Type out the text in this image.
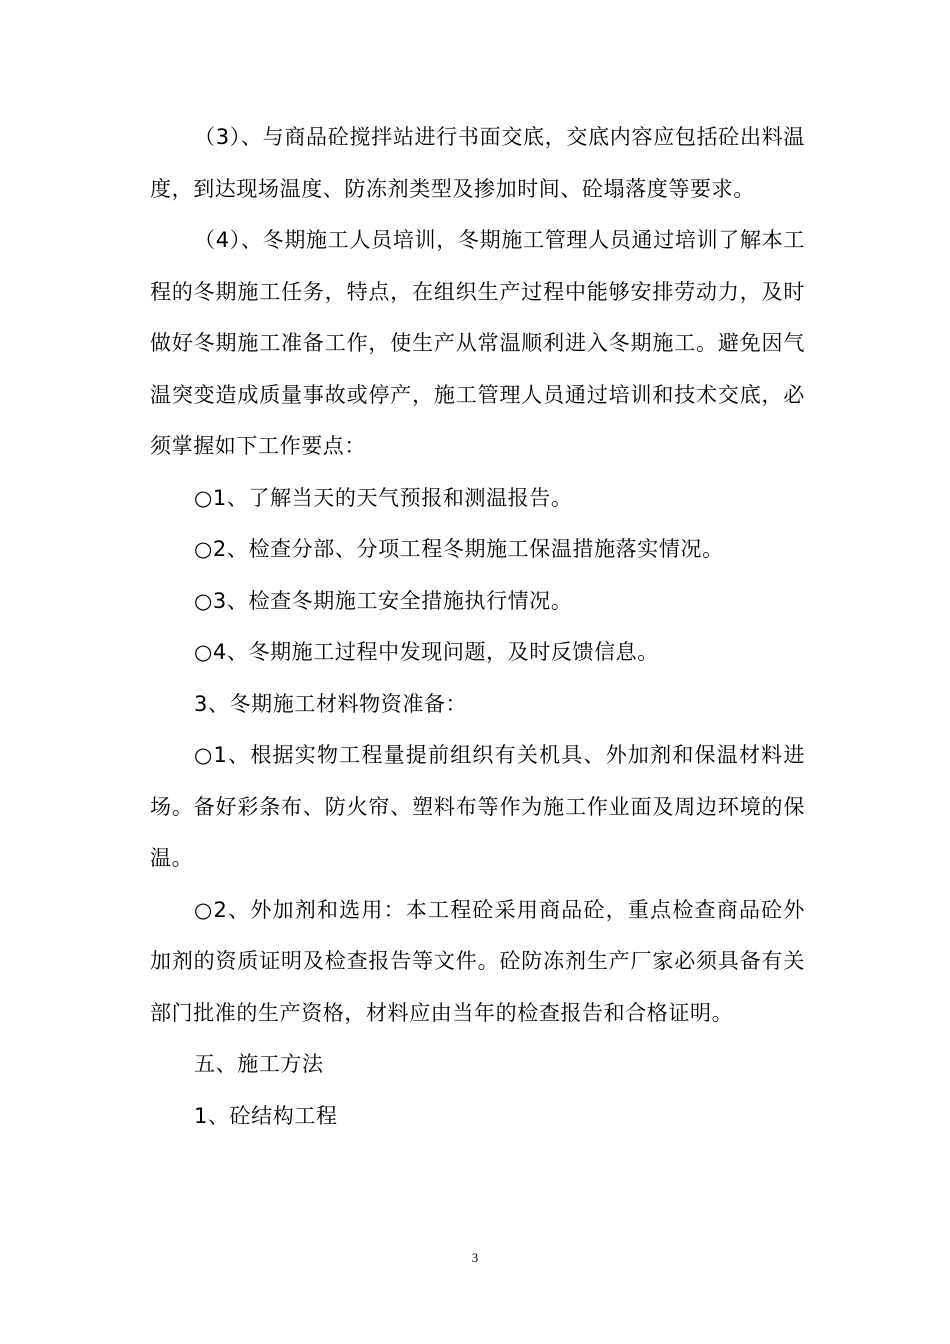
（3）、与商品砼搅拌站进行书面交底，交底内容应包括砼出料温度，到达现场温度、防冻剂类型及掺加时间、砼塌落度等要求。

（4）、冬期施工人员培训，冬期施工管理人员通过培训了解本工程的冬期施工任务，特点，在组织生产过程中能够安排劳动力，及时做好冬期施工准备工作，使生产从常温顺利进入冬期施工。避免因气温突变造成质量事故或停产，施工管理人员通过培训和技术交底，必须掌握如下工作要点：

○1、了解当天的天气预报和测温报告。

○2、检查分部、分项工程冬期施工保温措施落实情况。

○3、检查冬期施工安全措施执行情况。

○4、冬期施工过程中发现问题，及时反馈信息。

3、冬期施工材料物资准备：

○1、根据实物工程量提前组织有关机具、外加剂和保温材料进场。备好彩条布、防火帘、塑料布等作为施工作业面及周边环境的保温。

○2、外加剂和选用：本工程砼采用商品砼，重点检查商品砼外加剂的资质证明及检查报告等文件。砼防冻剂生产厂家必须具备有关部门批准的生产资格，材料应由当年的检查报告和合格证明。

五、施工方法

1、砼结构工程

3
